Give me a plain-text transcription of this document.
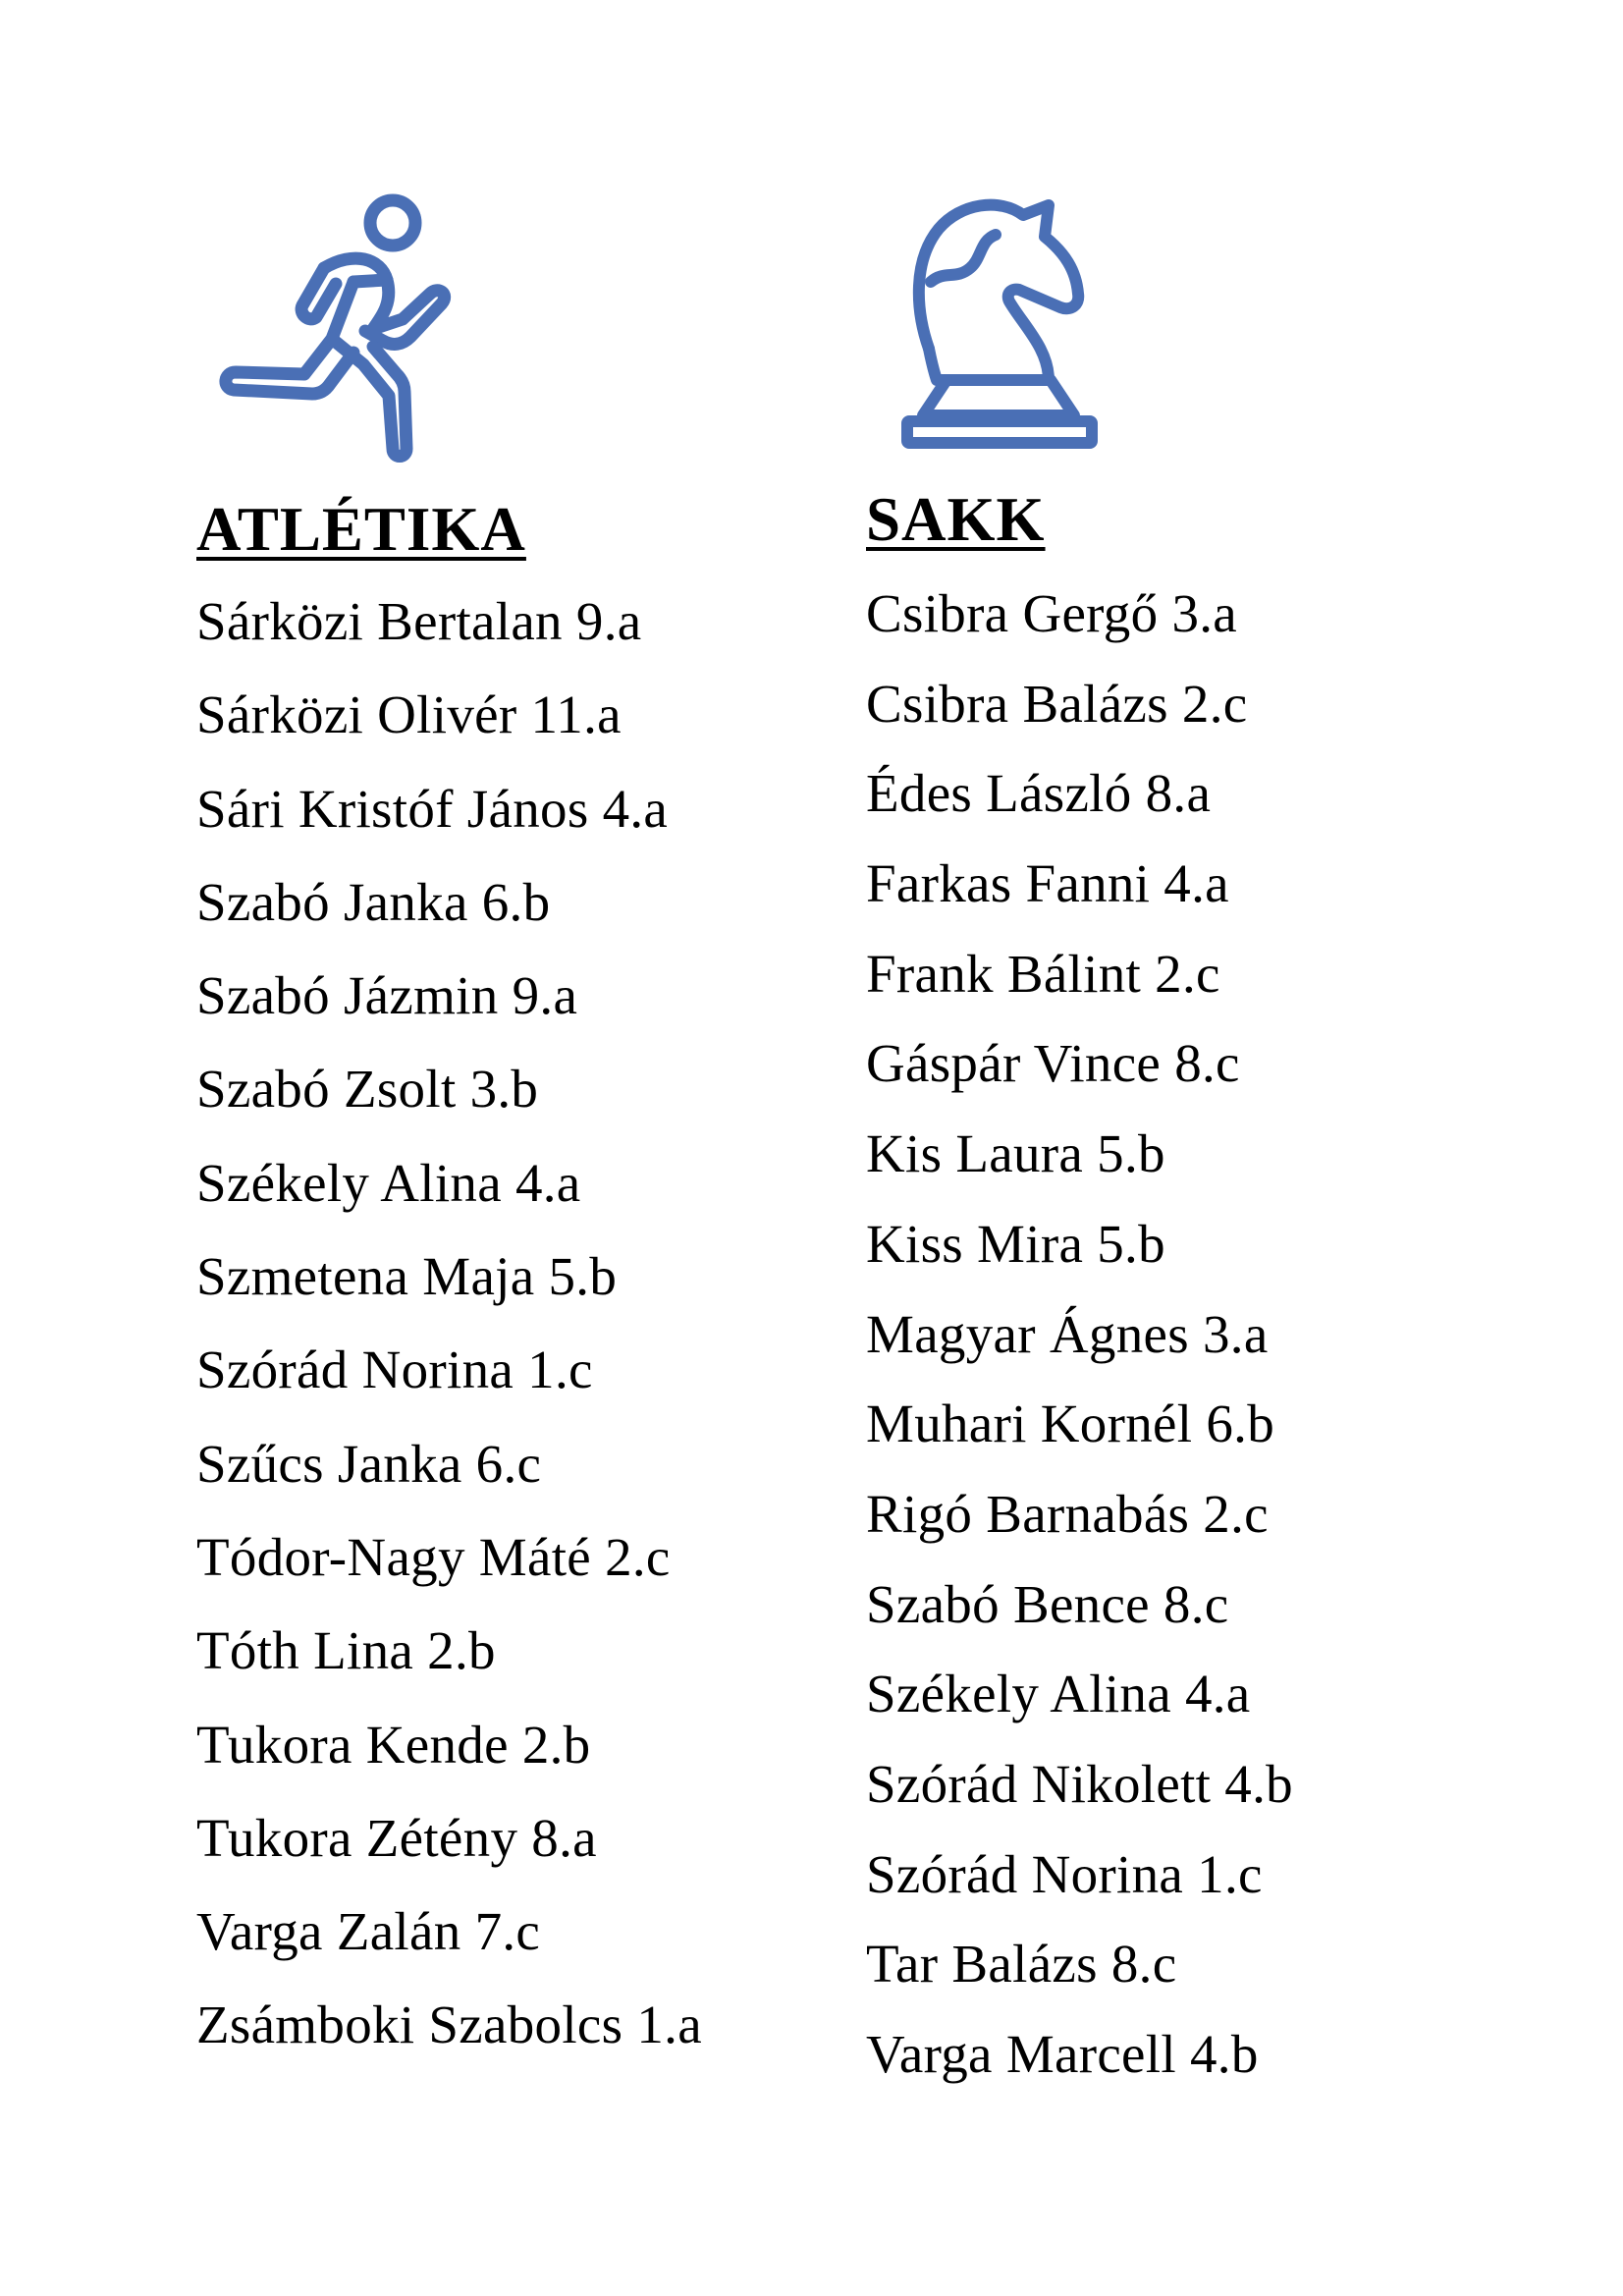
ATLÉTIKA
Sárközi Bertalan 9.a
Sárközi Olivér 11.a
Sári Kristóf János 4.a
Szabó Janka 6.b
Szabó Jázmin 9.a
Szabó Zsolt 3.b
Székely Alina 4.a
Szmetena Maja 5.b
Szórád Norina 1.c
Szűcs Janka 6.c
Tódor-Nagy Máté 2.c
Tóth Lina 2.b
Tukora Kende 2.b
Tukora Zétény 8.a
Varga Zalán 7.c
Zsámboki Szabolcs 1.a
SAKK
Csibra Gergő 3.a
Csibra Balázs 2.c
Édes László 8.a
Farkas Fanni 4.a
Frank Bálint 2.c
Gáspár Vince 8.c
Kis Laura 5.b
Kiss Mira 5.b
Magyar Ágnes 3.a
Muhari Kornél 6.b
Rigó Barnabás 2.c
Szabó Bence 8.c
Székely Alina 4.a
Szórád Nikolett 4.b
Szórád Norina 1.c
Tar Balázs 8.c
Varga Marcell 4.b
